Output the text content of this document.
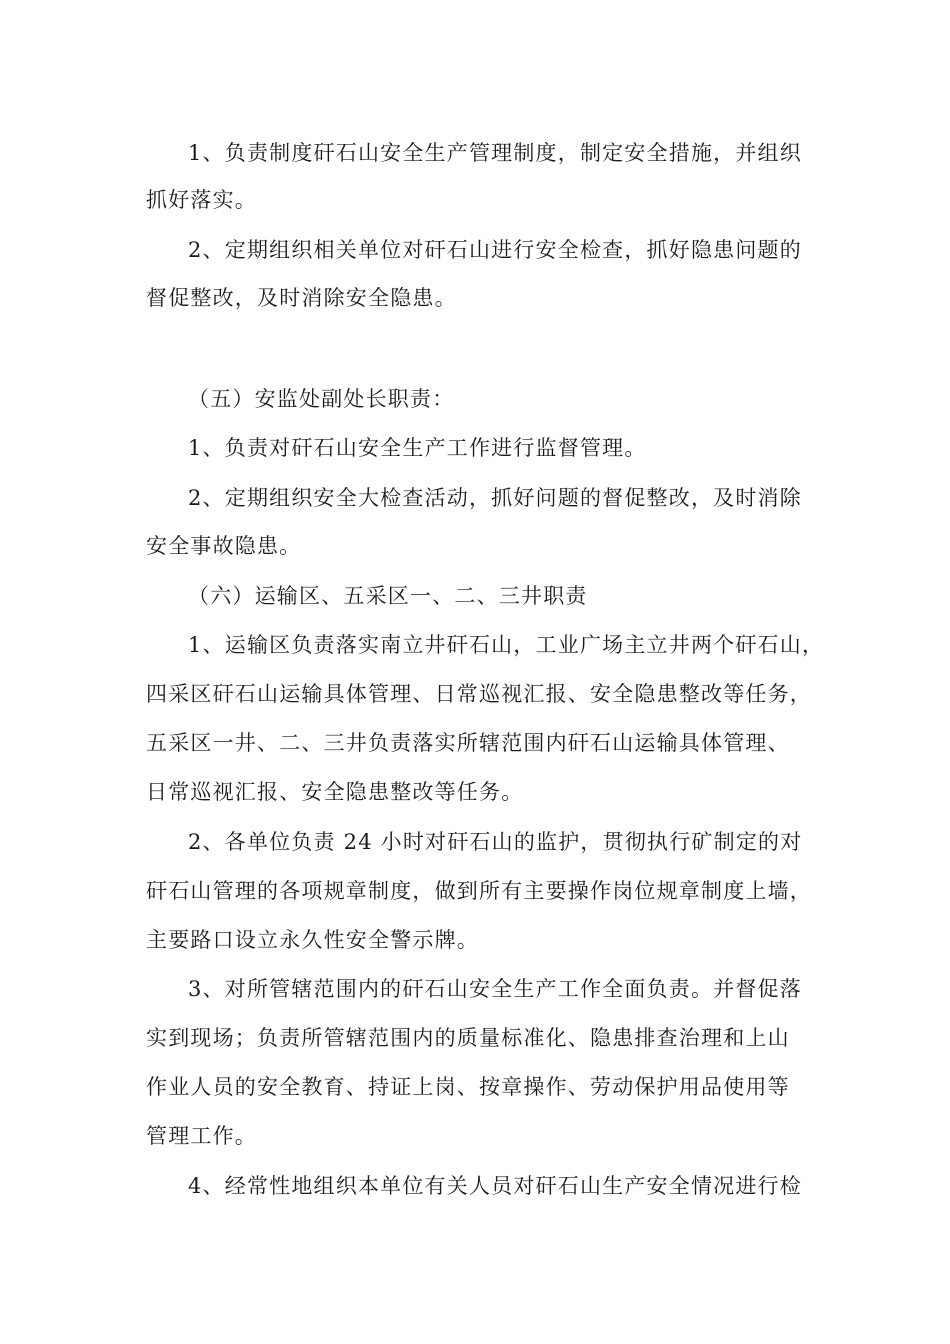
1、负责制度矸石山安全生产管理制度，制定安全措施，并组织
抓好落实。
2、定期组织相关单位对矸石山进行安全检查，抓好隐患问题的
督促整改，及时消除安全隐患。
（五）安监处副处长职责：
1、负责对矸石山安全生产工作进行监督管理。
2、定期组织安全大检查活动，抓好问题的督促整改，及时消除
安全事故隐患。
（六）运输区、五采区一、二、三井职责
1、运输区负责落实南立井矸石山，工业广场主立井两个矸石山，
四采区矸石山运输具体管理、日常巡视汇报、安全隐患整改等任务，
五采区一井、二、三井负责落实所辖范围内矸石山运输具体管理、
日常巡视汇报、安全隐患整改等任务。
2、各单位负责 24 小时对矸石山的监护，贯彻执行矿制定的对
矸石山管理的各项规章制度，做到所有主要操作岗位规章制度上墙，
主要路口设立永久性安全警示牌。
3、对所管辖范围内的矸石山安全生产工作全面负责。并督促落
实到现场；负责所管辖范围内的质量标准化、隐患排查治理和上山
作业人员的安全教育、持证上岗、按章操作、劳动保护用品使用等
管理工作。
4、经常性地组织本单位有关人员对矸石山生产安全情况进行检
